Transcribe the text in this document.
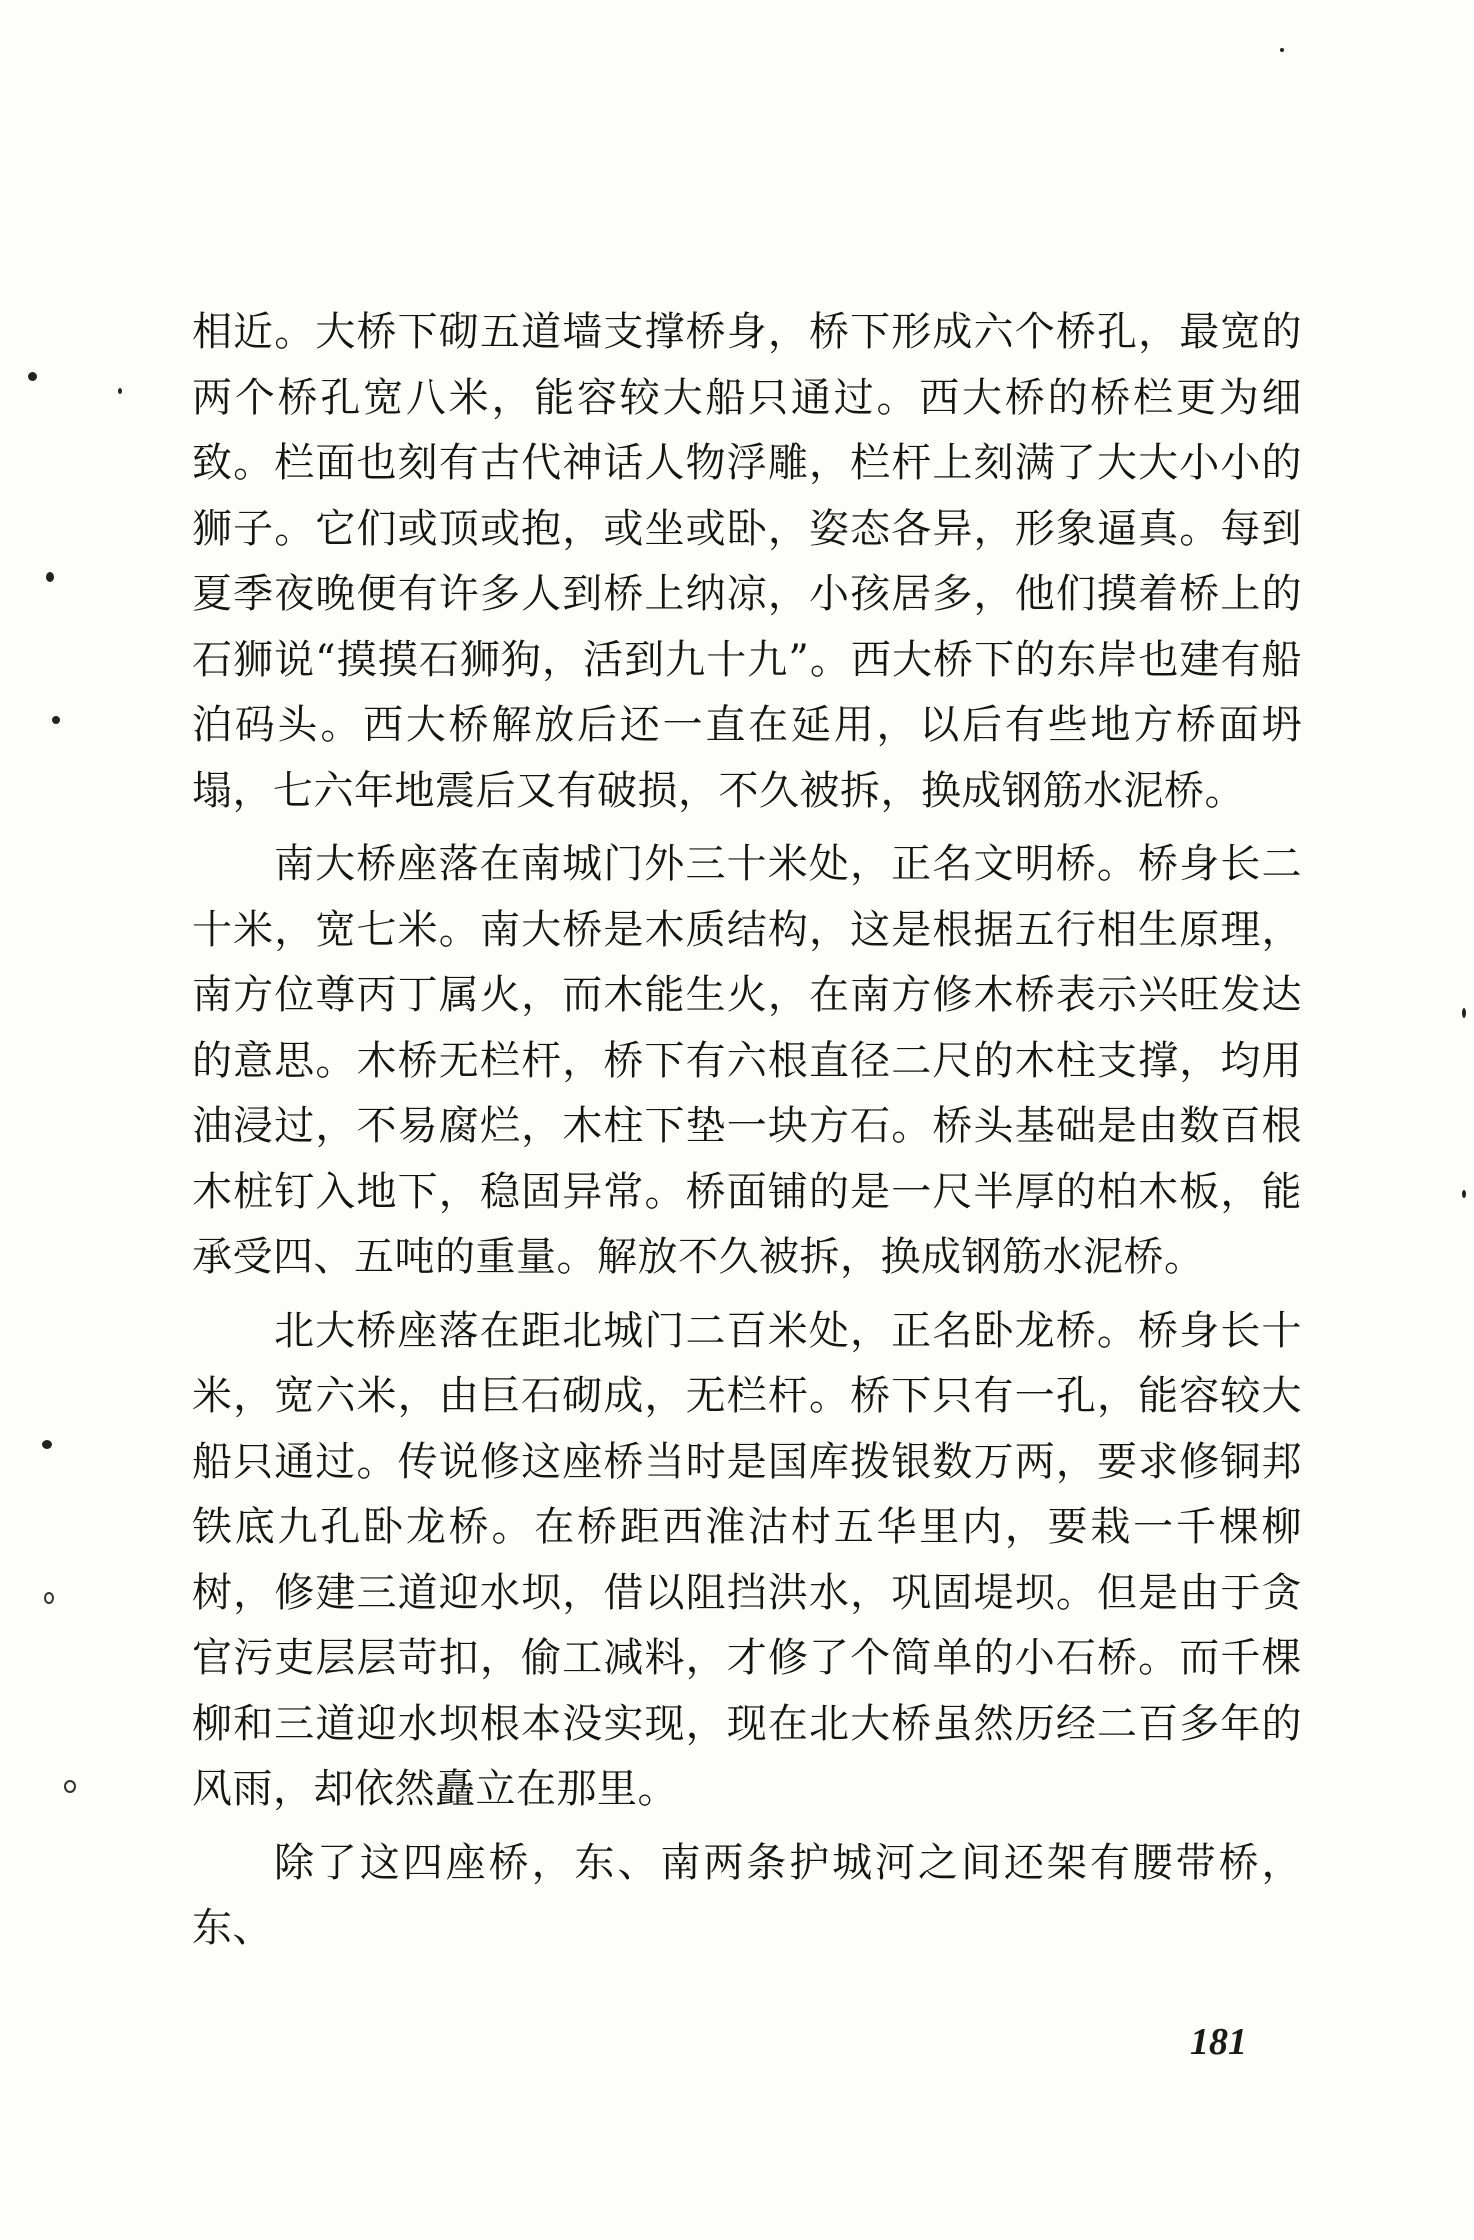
相近。大桥下砌五道墙支撑桥身，桥下形成六个桥孔，最宽的两个桥孔宽八米，能容较大船只通过。西大桥的桥栏更为细致。栏面也刻有古代神话人物浮雕，栏杆上刻满了大大小小的狮子。它们或顶或抱，或坐或卧，姿态各异，形象逼真。每到夏季夜晚便有许多人到桥上纳凉，小孩居多，他们摸着桥上的石狮说“摸摸石狮狗，活到九十九”。西大桥下的东岸也建有船泊码头。西大桥解放后还一直在延用，以后有些地方桥面坍塌，七六年地震后又有破损，不久被拆，换成钢筋水泥桥。

南大桥座落在南城门外三十米处，正名文明桥。桥身长二十米，宽七米。南大桥是木质结构，这是根据五行相生原理，南方位尊丙丁属火，而木能生火，在南方修木桥表示兴旺发达的意思。木桥无栏杆，桥下有六根直径二尺的木柱支撑，均用油浸过，不易腐烂，木柱下垫一块方石。桥头基础是由数百根木桩钉入地下，稳固异常。桥面铺的是一尺半厚的柏木板，能承受四、五吨的重量。解放不久被拆，换成钢筋水泥桥。

北大桥座落在距北城门二百米处，正名卧龙桥。桥身长十米，宽六米，由巨石砌成，无栏杆。桥下只有一孔，能容较大船只通过。传说修这座桥当时是国库拨银数万两，要求修铜邦铁底九孔卧龙桥。在桥距西淮沽村五华里内，要栽一千棵柳树，修建三道迎水坝，借以阻挡洪水，巩固堤坝。但是由于贪官污吏层层苛扣，偷工减料，才修了个简单的小石桥。而千棵柳和三道迎水坝根本没实现，现在北大桥虽然历经二百多年的风雨，却依然矗立在那里。

除了这四座桥，东、南两条护城河之间还架有腰带桥，东、

181
